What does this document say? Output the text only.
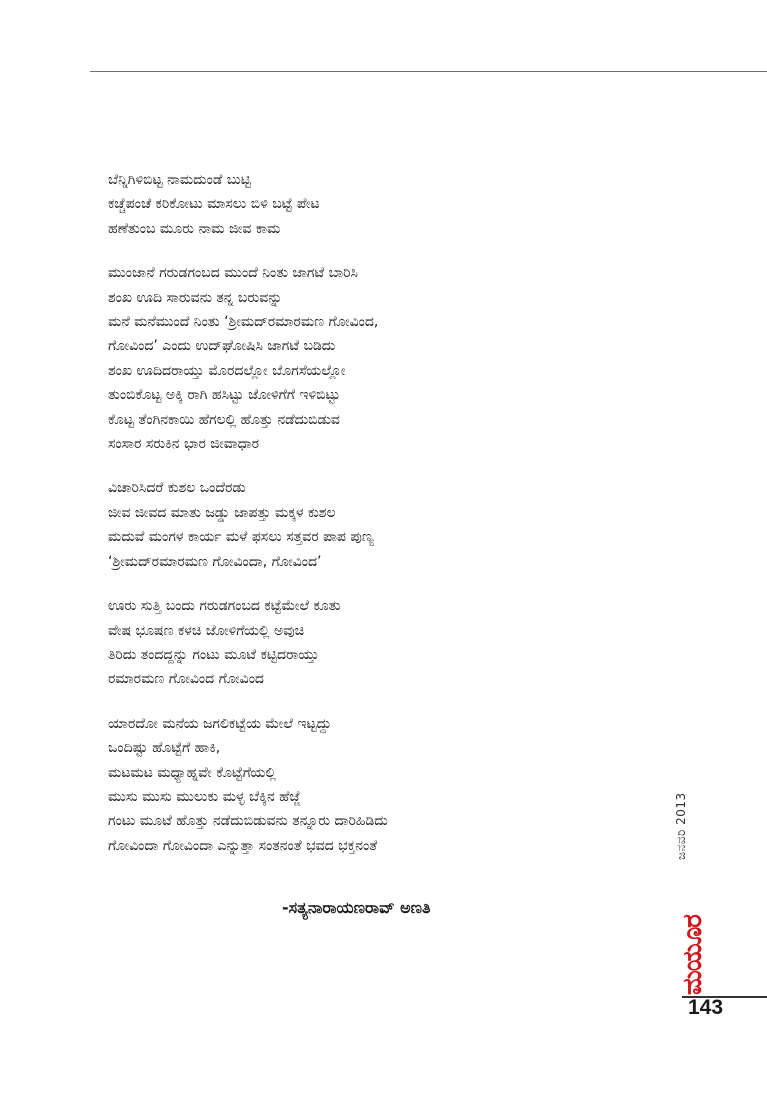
ಬೆನ್ನಿಗಿಳಿಬಿಟ್ಟ ನಾಮದುಂಡೆ ಬುಟ್ಟಿ
ಕಚ್ಚೆಪಂಚೆ ಕರಿಕೋಟು ಮಾಸಲು ಬಿಳಿ ಬಟ್ಟೆ ಪೇಟ
ಹಣೆತುಂಬ ಮೂರು ನಾಮ ಜೀವ ಕಾಮ
ಮುಂಜಾನೆ ಗರುಡಗಂಬದ ಮುಂದೆ ನಿಂತು ಜಾಗಟೆ ಬಾರಿಸಿ
ಶಂಖ ಊದಿ ಸಾರುವನು ತನ್ನ ಬರುವನ್ನು
ಮನೆ ಮನೆಮುಂದೆ ನಿಂತು ‘ಶ್ರೀಮದ್‌ರಮಾರಮಣ ಗೋವಿಂದ,
ಗೋವಿಂದ’ ಎಂದು ಉದ್‌ಘೋಷಿಸಿ ಜಾಗಟೆ ಬಡಿದು
ಶಂಖ ಊದಿದರಾಯ್ತು ಮೊರದಲ್ಲೋ ಬೊಗಸೆಯಲ್ಲೋ
ತುಂಬಿಕೊಟ್ಟ ಅಕ್ಕಿ ರಾಗಿ ಹಸಿಟ್ಟು ಜೋಳಿಗೆಗೆ ಇಳಿಬಿಟ್ಟು
ಕೊಟ್ಟ ತೆಂಗಿನಕಾಯಿ ಹೆಗಲಲ್ಲಿ ಹೊತ್ತು ನಡೆದುಬಿಡುವ
ಸಂಸಾರ ಸರುಕಿನ ಭಾರ ಜೀವಾಧಾರ
ವಿಚಾರಿಸಿದರೆ ಕುಶಲ ಒಂದೆರಡು
ಜೀವ ಜೀವದ ಮಾತು ಜಡ್ಡು ಜಾಪತ್ತು ಮಕ್ಕಳ ಕುಶಲ
ಮದುವೆ ಮಂಗಳ ಕಾರ್ಯ ಮಳೆ ಫಸಲು ಸತ್ತವರ ಪಾಪ ಪುಣ್ಯ
‘ಶ್ರೀಮದ್‌ರಮಾರಮಣ ಗೋವಿಂದಾ, ಗೋವಿಂದ’
ಊರು ಸುತ್ತಿ ಬಂದು ಗರುಡಗಂಬದ ಕಟ್ಟೆಮೇಲೆ ಕೂತು
ವೇಷ ಭೂಷಣ ಕಳಚಿ ಜೋಳಿಗೆಯಲ್ಲಿ ಅವುಚಿ
ತಿರಿದು ತಂದದ್ದನ್ನು ಗಂಟು ಮೂಟೆ ಕಟ್ಟಿದರಾಯ್ತು
ರಮಾರಮಣ ಗೋವಿಂದ ಗೋವಿಂದ
ಯಾರದೋ ಮನೆಯ ಜಗಲಿಕಟ್ಟೆಯ ಮೇಲೆ ಇಟ್ಟದ್ದು
ಒಂದಿಷ್ಟು ಹೊಟ್ಟೆಗೆ ಹಾಕಿ,
ಮಟಮಟ ಮಧ್ಯಾಹ್ನವೇ ಕೊಟ್ಟೆಗೆಯಲ್ಲಿ
ಮುಸು ಮುಸು ಮುಲುಕು ಮಳ್ಳ ಬೆಕ್ಕಿನ ಹೆಜ್ಜೆ
ಗಂಟು ಮೂಟೆ ಹೊತ್ತು ನಡೆದುಬಿಡುವನು ತನ್ನೂರು ದಾರಿಹಿಡಿದು
ಗೋವಿಂದಾ ಗೋವಿಂದಾ ಎನ್ನುತ್ತಾ ಸಂತನಂತೆ ಭವದ ಭಕ್ತನಂತೆ
-ಸತ್ಯನಾರಾಯಣರಾವ್ ಅಣತಿ
ಜನವರಿ 2013
ಮಯೂರ
143
